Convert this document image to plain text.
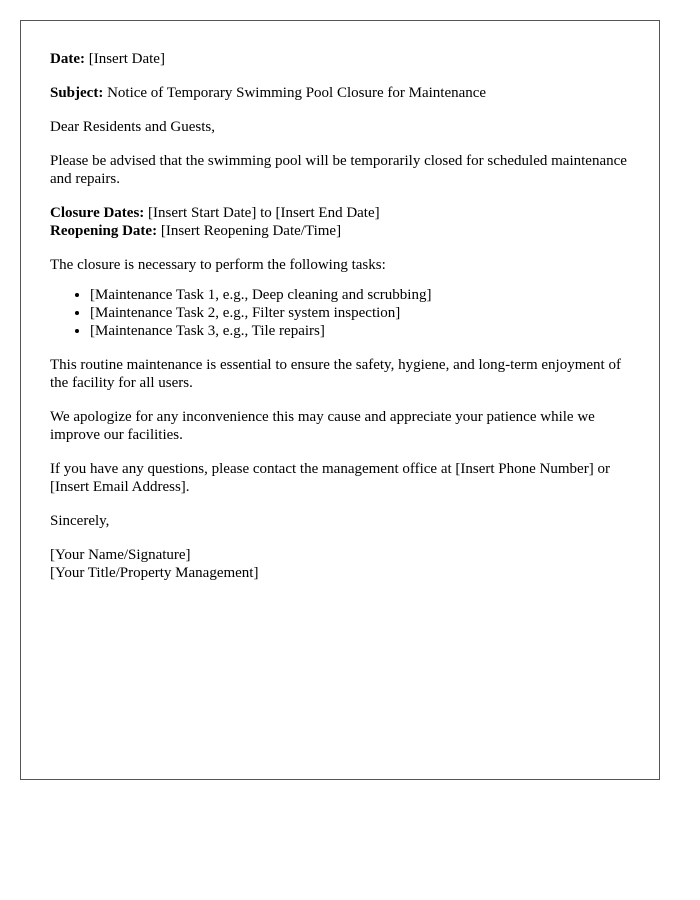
Date: [Insert Date]

Subject: Notice of Temporary Swimming Pool Closure for Maintenance

Dear Residents and Guests,

Please be advised that the swimming pool will be temporarily closed for scheduled maintenance and repairs.

Closure Dates: [Insert Start Date] to [Insert End Date]

Reopening Date: [Insert Reopening Date/Time]

The closure is necessary to perform the following tasks:

• [Maintenance Task 1, e.g., Deep cleaning and scrubbing]
• [Maintenance Task 2, e.g., Filter system inspection]
• [Maintenance Task 3, e.g., Tile repairs]

This routine maintenance is essential to ensure the safety, hygiene, and long-term enjoyment of the facility for all users.

We apologize for any inconvenience this may cause and appreciate your patience while we improve our facilities.

If you have any questions, please contact the management office at [Insert Phone Number] or [Insert Email Address].

Sincerely,

[Your Name/Signature]

[Your Title/Property Management]
